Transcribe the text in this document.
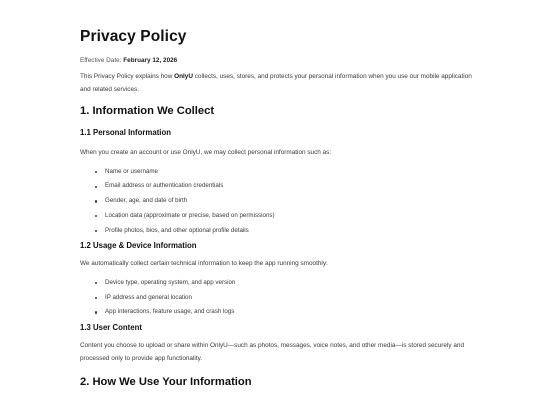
Privacy Policy
Effective Date: February 12, 2026

This Privacy Policy explains how OnlyU collects, uses, stores, and protects your personal information when you use our mobile application and related services.

1. Information We Collect
1.1 Personal Information

When you create an account or use OnlyU, we may collect personal information such as:

Name or username
Email address or authentication credentials
Gender, age, and date of birth
Location data (approximate or precise, based on permissions)
Profile photos, bios, and other optional profile details
1.2 Usage & Device Information

We automatically collect certain technical information to keep the app running smoothly:

Device type, operating system, and app version
IP address and general location
App interactions, feature usage, and crash logs
1.3 User Content

Content you choose to upload or share within OnlyU—such as photos, messages, voice notes, and other media—is stored securely and processed only to provide app functionality.

2. How We Use Your Information
